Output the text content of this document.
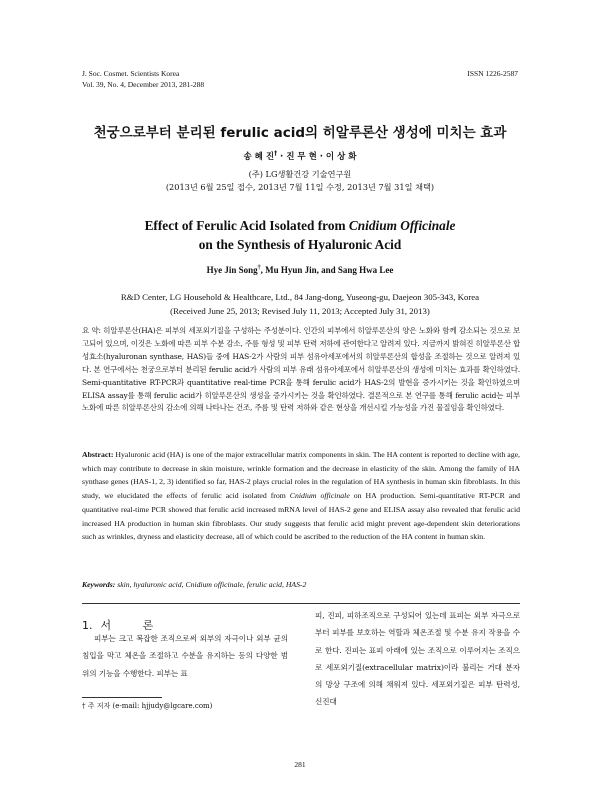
J. Soc. Cosmet. Scientists Korea
Vol. 39, No. 4, December 2013, 281-288
ISSN 1226-2587
천궁으로부터 분리된 ferulic acid의 히알루론산 생성에 미치는 효과
송 혜 진† · 진 무 현 · 이 상 화
(주) LG생활건강 기술연구원
(2013년 6월 25일 접수, 2013년 7월 11일 수정, 2013년 7월 31일 채택)
Effect of Ferulic Acid Isolated from Cnidium Officinale
on the Synthesis of Hyaluronic Acid
Hye Jin Song†, Mu Hyun Jin, and Sang Hwa Lee
R&D Center, LG Household & Healthcare, Ltd., 84 Jang-dong, Yuseong-gu, Daejeon 305-343, Korea
(Received June 25, 2013; Revised July 11, 2013; Accepted July 31, 2013)
요 약: 히알루론산(HA)은 피부의 세포외기질을 구성하는 주성분이다. 인간의 피부에서 히알루론산의 양은 노화와 함께 감소되는 것으로 보고되어 있으며, 이것은 노화에 따른 피부 수분 감소, 주름 형성 및 피부 탄력 저하에 관여한다고 알려져 있다. 지금까지 밝혀진 히알루론산 합성효소(hyaluronan synthase, HAS)들 중에 HAS-2가 사람의 피부 섬유아세포에서의 히알루론산의 합성을 조절하는 것으로 알려져 있다. 본 연구에서는 천궁으로부터 분리된 ferulic acid가 사람의 피부 유래 섬유아세포에서 히알루론산의 생성에 미치는 효과를 확인하였다. Semi-quantitative RT-PCR과 quantitative real-time PCR을 통해 ferulic acid가 HAS-2의 발현을 증가시키는 것을 확인하였으며 ELISA assay를 통해 ferulic acid가 히알루론산의 생성을 증가시키는 것을 확인하였다. 결론적으로 본 연구를 통해 ferulic acid는 피부 노화에 따른 히알루론산의 감소에 의해 나타나는 건조, 주름 및 탄력 저하와 같은 현상을 개선시킬 가능성을 가진 물질임을 확인하였다.
Abstract: Hyaluronic acid (HA) is one of the major extracellular matrix components in skin. The HA content is reported to decline with age, which may contribute to decrease in skin moisture, wrinkle formation and the decrease in elasticity of the skin. Among the family of HA synthase genes (HAS-1, 2, 3) identified so far, HAS-2 plays crucial roles in the regulation of HA synthesis in human skin fibroblasts. In this study, we elucidated the effects of ferulic acid isolated from Cnidium officinale on HA production. Semi-quantitative RT-PCR and quantitative real-time PCR showed that ferulic acid increased mRNA level of HAS-2 gene and ELISA assay also revealed that ferulic acid increased HA production in human skin fibroblasts. Our study suggests that ferulic acid might prevent age-dependent skin deteriorations such as wrinkles, dryness and elasticity decrease, all of which could be ascribed to the reduction of the HA content in human skin.
Keywords: skin, hyaluronic acid, Cnidium officinale, ferulic acid, HAS-2
1. 서 론
피부는 크고 복잡한 조직으로써 외부의 자극이나 외부 균의 침입을 막고 체온을 조절하고 수분을 유지하는 등의 다양한 범위의 기능을 수행한다. 피부는 표
피, 진피, 피하조직으로 구성되어 있는데 표피는 외부 자극으로부터 피부를 보호하는 역할과 체온조절 및 수분 유지 작용을 수로 한다. 진피는 표피 아래에 있는 조직으로 이루어지는 조직으로 세포외기질(extracellular matrix)이라 불리는 거대 분자의 망상 구조에 의해 채워져 있다. 세포외기질은 피부 탄력성, 신진대
† 주 저자 (e-mail: hjjudy@lgcare.com)
281
